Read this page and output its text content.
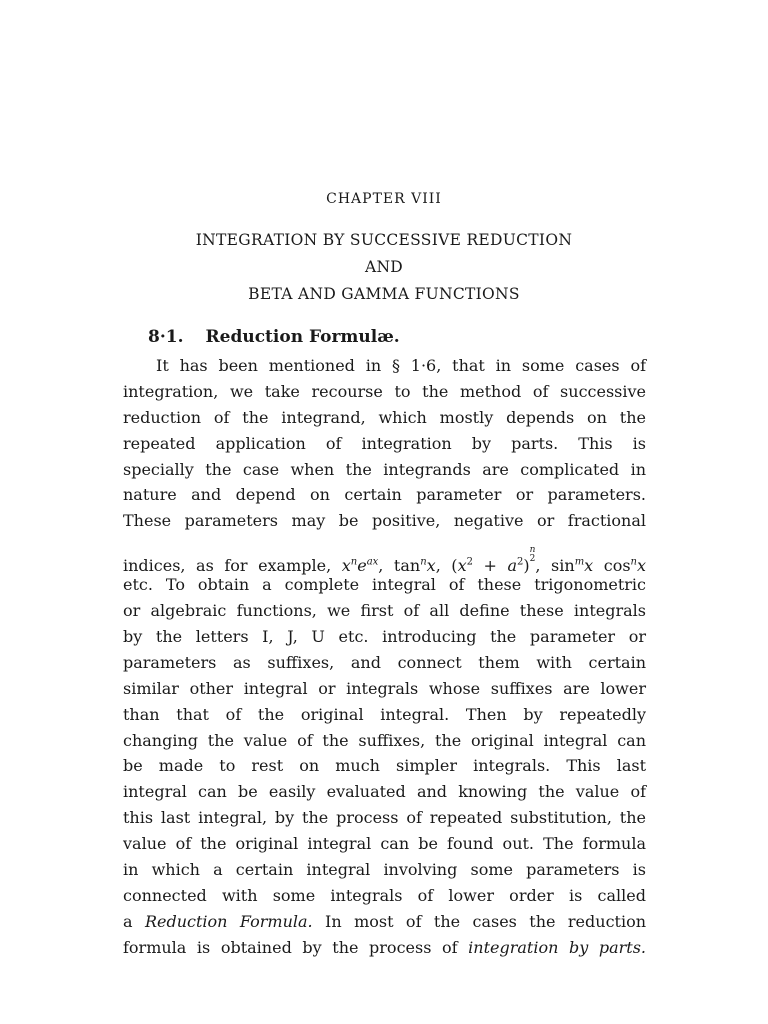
CHAPTER VIII
INTEGRATION BY SUCCESSIVE REDUCTION
AND
BETA AND GAMMA FUNCTIONS
8·1. Reduction Formulæ.
It has been mentioned in § 1·6, that in some cases of
integration, we take recourse to the method of successive
reduction of the integrand, which mostly depends on the
repeated application of integration by parts. This is
specially the case when the integrands are complicated in
nature and depend on certain parameter or parameters.
These parameters may be positive, negative or fractional
indices, as for example, $x^ne^{ax}$, $\tan^nx$, $(x^2 + a^2)$
n
2 , $\sin^mx$ $\cos^nx$
etc. To obtain a complete integral of these trigonometric
or algebraic functions, we first of all define these integrals
by the letters I, J, U etc. introducing the parameter or
parameters as suffixes, and connect them with certain
similar other integral or integrals whose suffixes are lower
than that of the original integral. Then by repeatedly
changing the value of the suffixes, the original integral can
be made to rest on much simpler integrals. This last
integral can be easily evaluated and knowing the value of
this last integral, by the process of repeated substitution, the
value of the original integral can be found out. The formula
in which a certain integral involving some parameters is
connected with some integrals of lower order is called
a Reduction Formula. In most of the cases the reduction
formula is obtained by the process of integration by parts.
